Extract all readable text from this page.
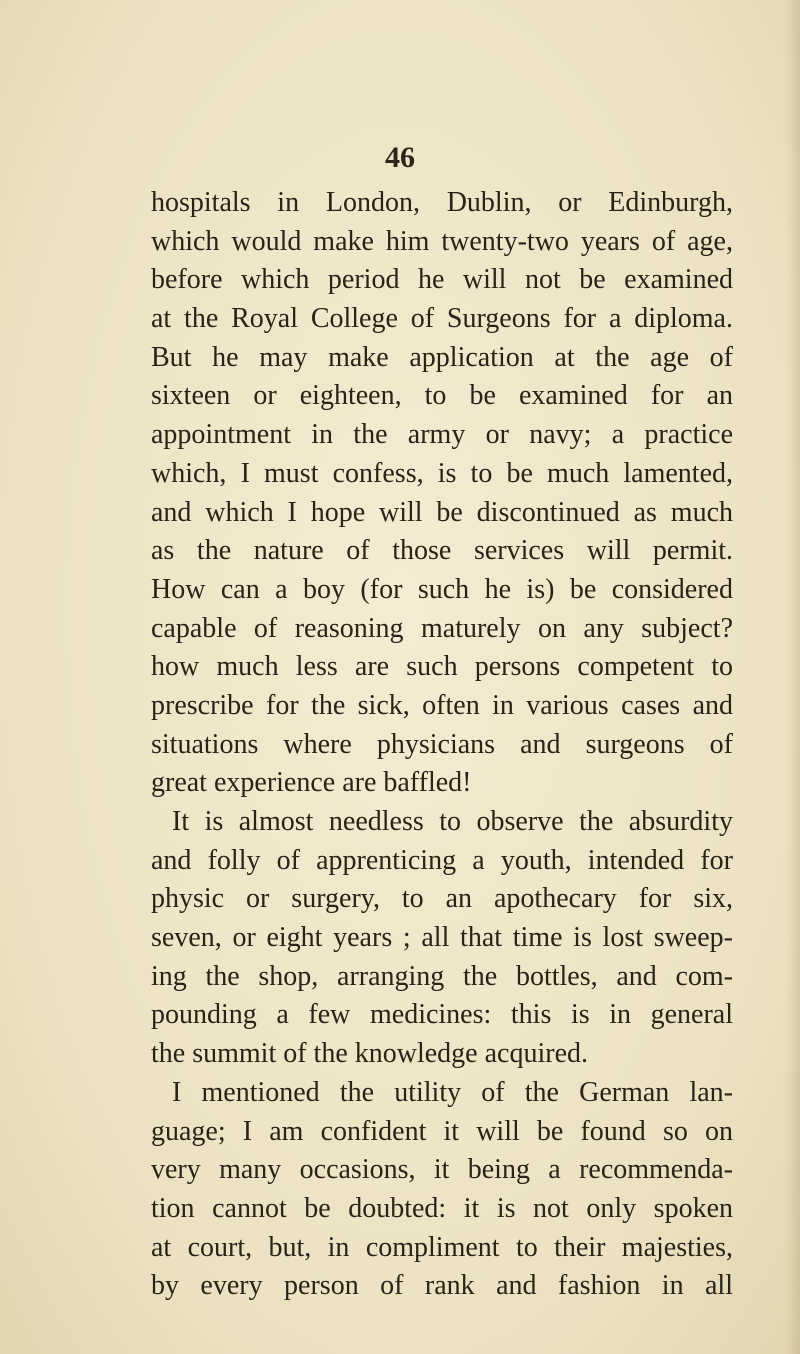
46
hospitals in London, Dublin, or Edinburgh,
which would make him twenty-two years of age,
before which period he will not be examined
at the Royal College of Surgeons for a diploma.
But he may make application at the age of
sixteen or eighteen, to be examined for an
appointment in the army or navy; a practice
which, I must confess, is to be much lamented,
and which I hope will be discontinued as much
as the nature of those services will permit.
How can a boy (for such he is) be considered
capable of reasoning maturely on any subject?
how much less are such persons competent to
prescribe for the sick, often in various cases and
situations where physicians and surgeons of
great experience are baffled!
It is almost needless to observe the absurdity
and folly of apprenticing a youth, intended for
physic or surgery, to an apothecary for six,
seven, or eight years ; all that time is lost sweep-
ing the shop, arranging the bottles, and com-
pounding a few medicines: this is in general
the summit of the knowledge acquired.
I mentioned the utility of the German lan-
guage; I am confident it will be found so on
very many occasions, it being a recommenda-
tion cannot be doubted: it is not only spoken
at court, but, in compliment to their majesties,
by every person of rank and fashion in all
